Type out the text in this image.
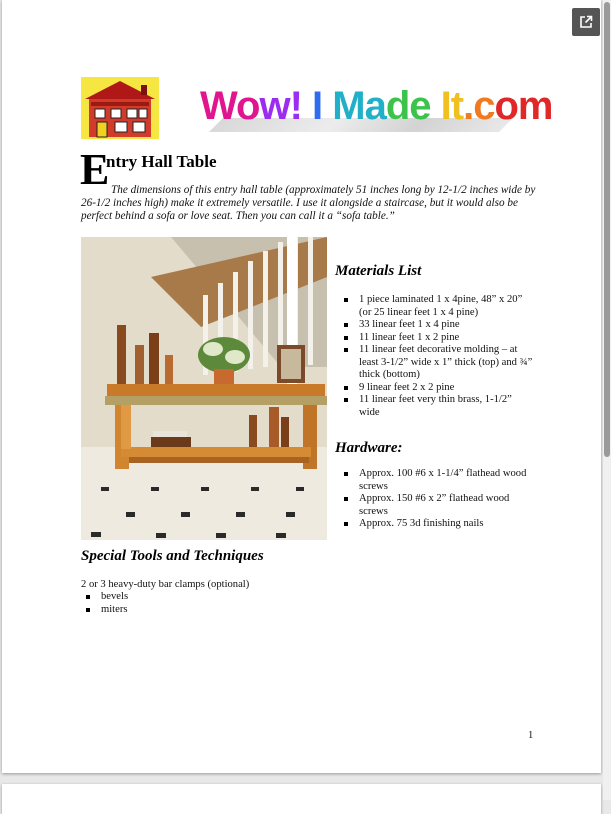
Wow! I Made It.com
E
ntry Hall Table
The dimensions of this entry hall table (approximately 51 inches long by 12-1/2 inches wide by 26-1/2 inches high) make it extremely versatile. I use it alongside a staircase, but it would also be perfect behind a sofa or love seat. Then you can call it a “sofa table.”
Materials List
1 piece laminated 1 x 4pine, 48” x 20” (or 25 linear feet 1 x 4 pine)
33 linear feet 1 x 4 pine
11 linear feet 1 x 2 pine
11 linear feet decorative molding – at least 3-1/2” wide x 1” thick (top) and ¾” thick (bottom)
9 linear feet 2 x 2 pine
11 linear feet very thin brass, 1-1/2” wide
Hardware:
Approx. 100 #6 x 1-1/4” flathead wood screws
Approx. 150 #6 x 2” flathead wood screws
Approx. 75 3d finishing nails
Special Tools and Techniques
2 or 3 heavy-duty bar clamps (optional)
bevels
miters
1
